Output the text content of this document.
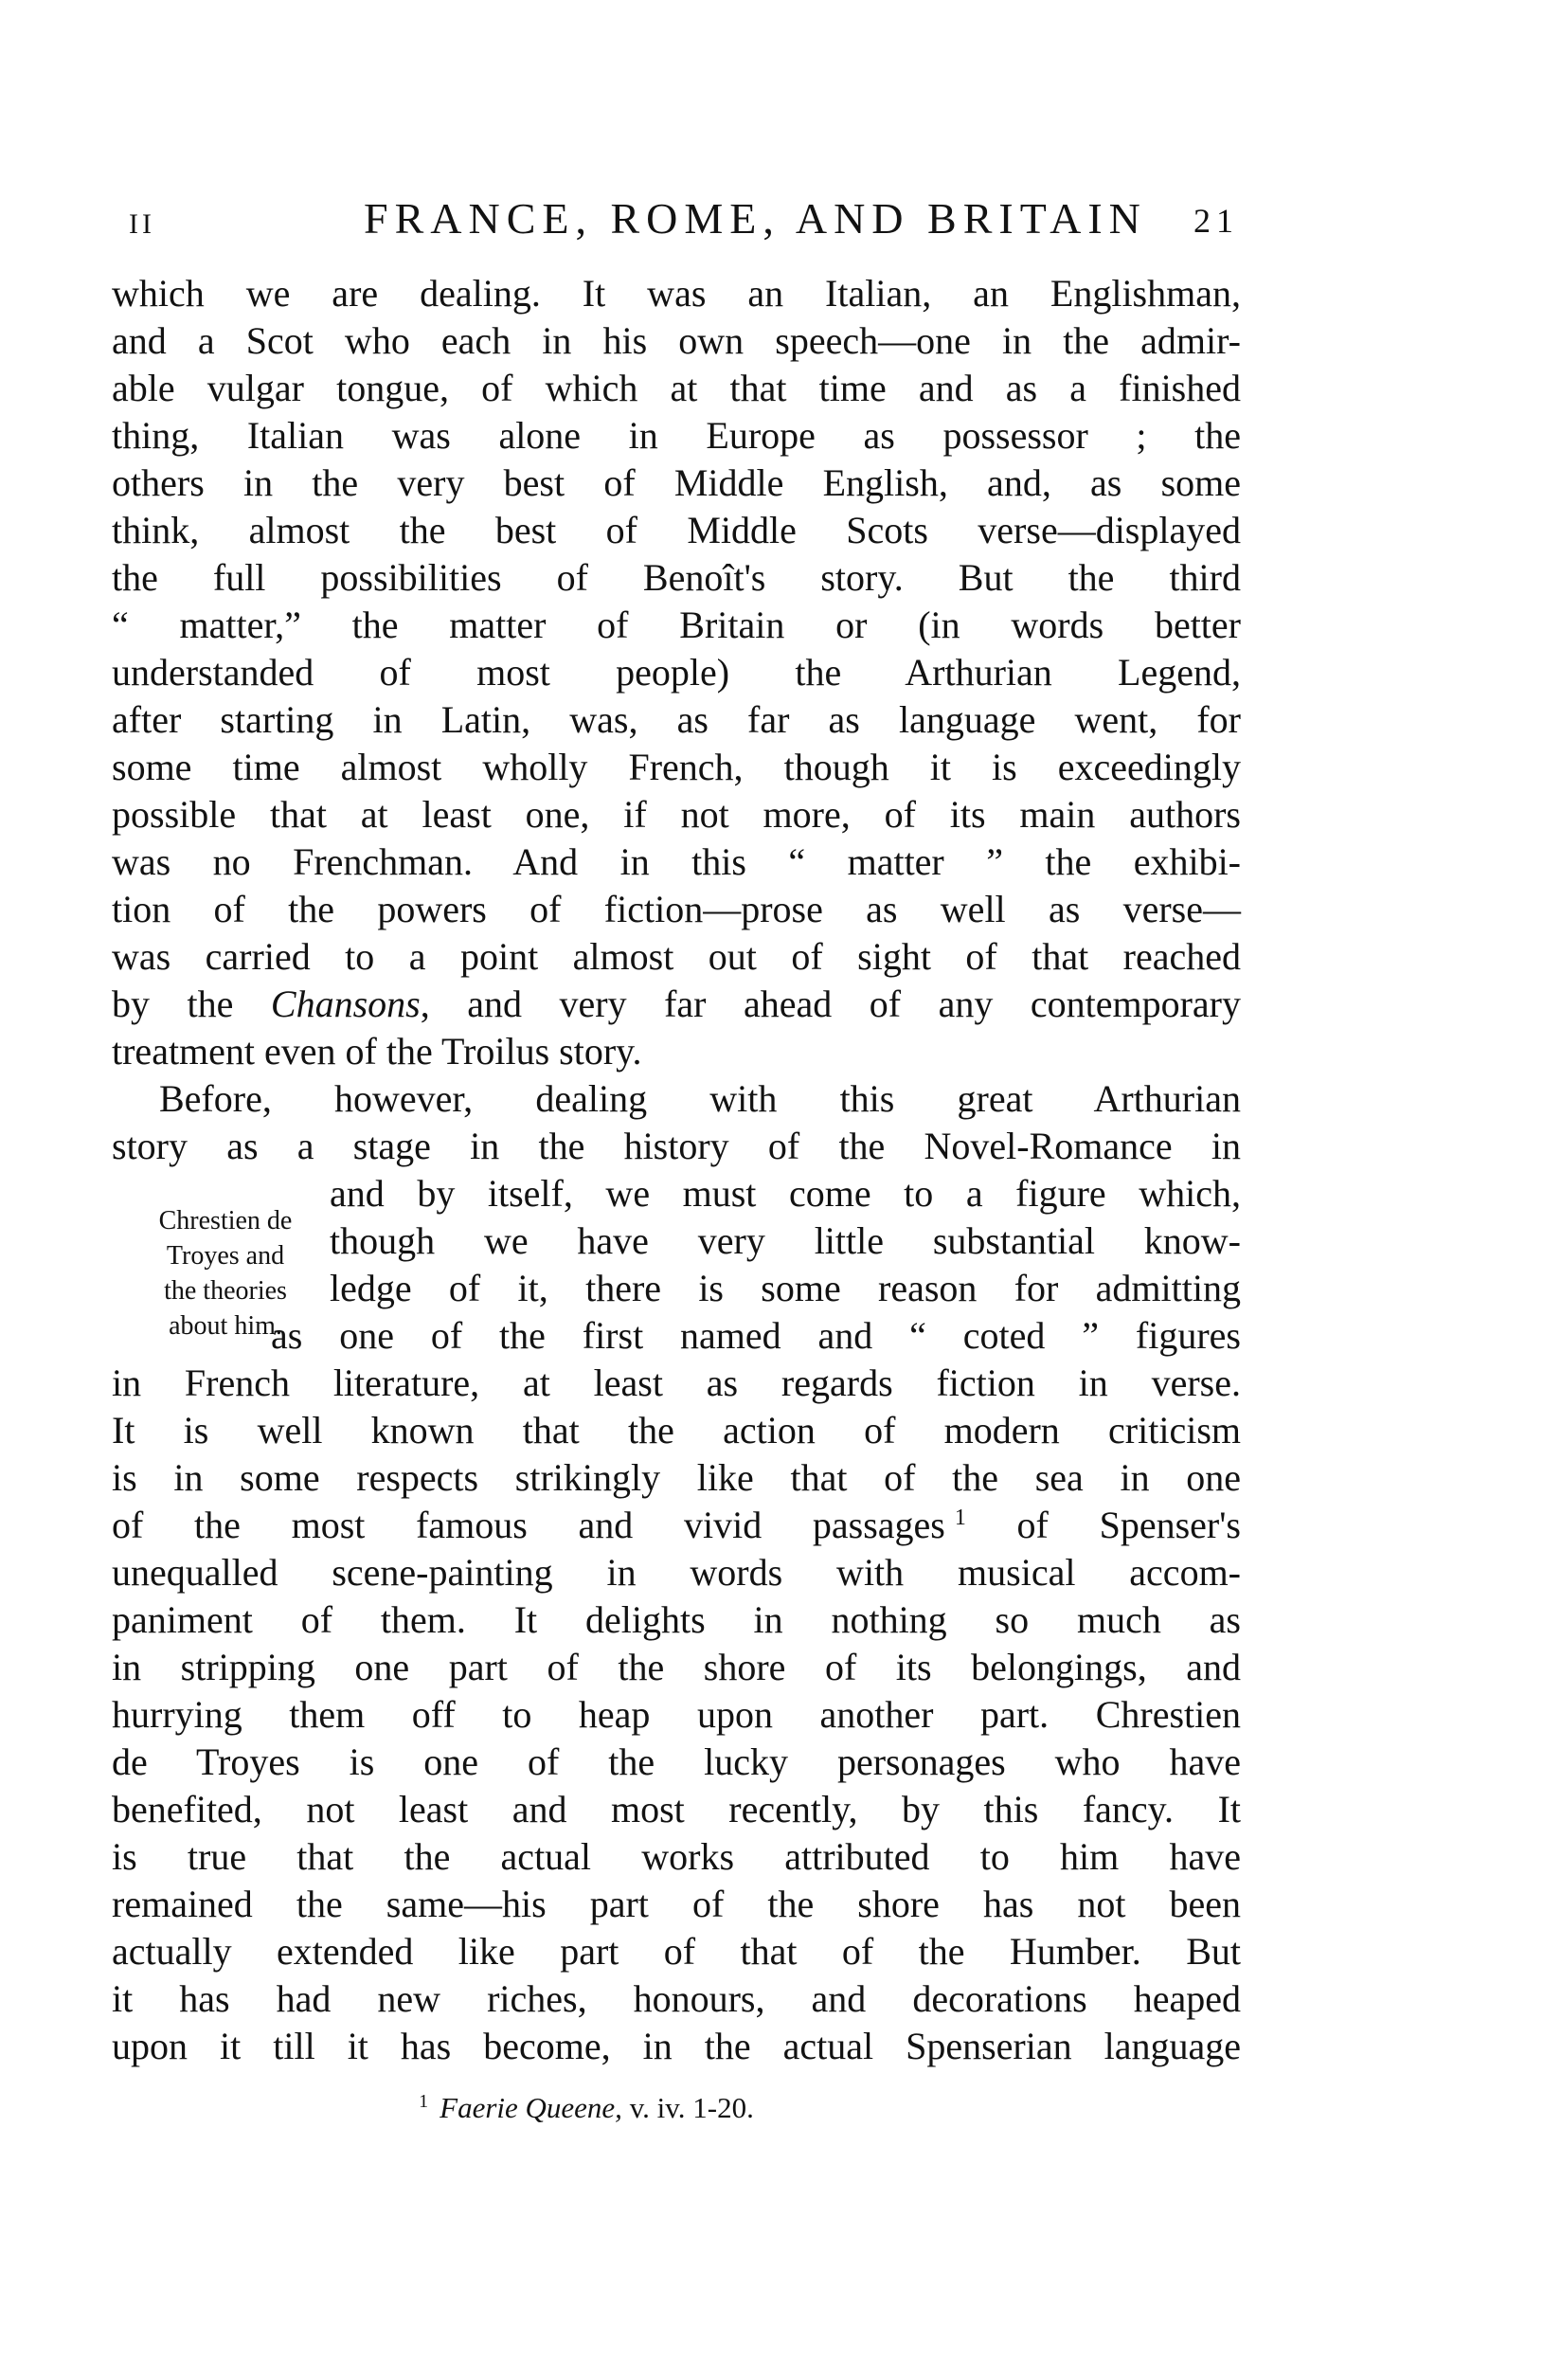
II	FRANCE, ROME, AND BRITAIN 21
which we are dealing. It was an Italian, an Englishman,
and a Scot who each in his own speech—one in the admir-
able vulgar tongue, of which at that time and as a finished
thing, Italian was alone in Europe as possessor ; the
others in the very best of Middle English, and, as some
think, almost the best of Middle Scots verse—displayed
the full possibilities of Benoît's story. But the third
“ matter,” the matter of Britain or (in words better
understanded of most people) the Arthurian Legend,
after starting in Latin, was, as far as language went, for
some time almost wholly French, though it is exceedingly
possible that at least one, if not more, of its main authors
was no Frenchman. And in this “ matter ” the exhibi-
tion of the powers of fiction—prose as well as verse—
was carried to a point almost out of sight of that reached
by the Chansons, and very far ahead of any contemporary
treatment even of the Troilus story.
Before, however, dealing with this great Arthurian
story as a stage in the history of the Novel-Romance in
and by itself, we must come to a figure which,
though we have very little substantial know-
ledge of it, there is some reason for admitting
as one of the first named and “ coted ” figures
in French literature, at least as regards fiction in verse.
It is well known that the action of modern criticism
is in some respects strikingly like that of the sea in one
of the most famous and vivid passages $^1$ of Spenser's
unequalled scene-painting in words with musical accom-
paniment of them. It delights in nothing so much as
in stripping one part of the shore of its belongings, and
hurrying them off to heap upon another part. Chrestien
de Troyes is one of the lucky personages who have
benefited, not least and most recently, by this fancy. It
is true that the actual works attributed to him have
remained the same—his part of the shore has not been
actually extended like part of that of the Humber. But
it has had new riches, honours, and decorations heaped
upon it till it has become, in the actual Spenserian language
Chrestien de
Troyes and
the theories
about him.
$^1$ Faerie Queene, v. iv. 1-20.
